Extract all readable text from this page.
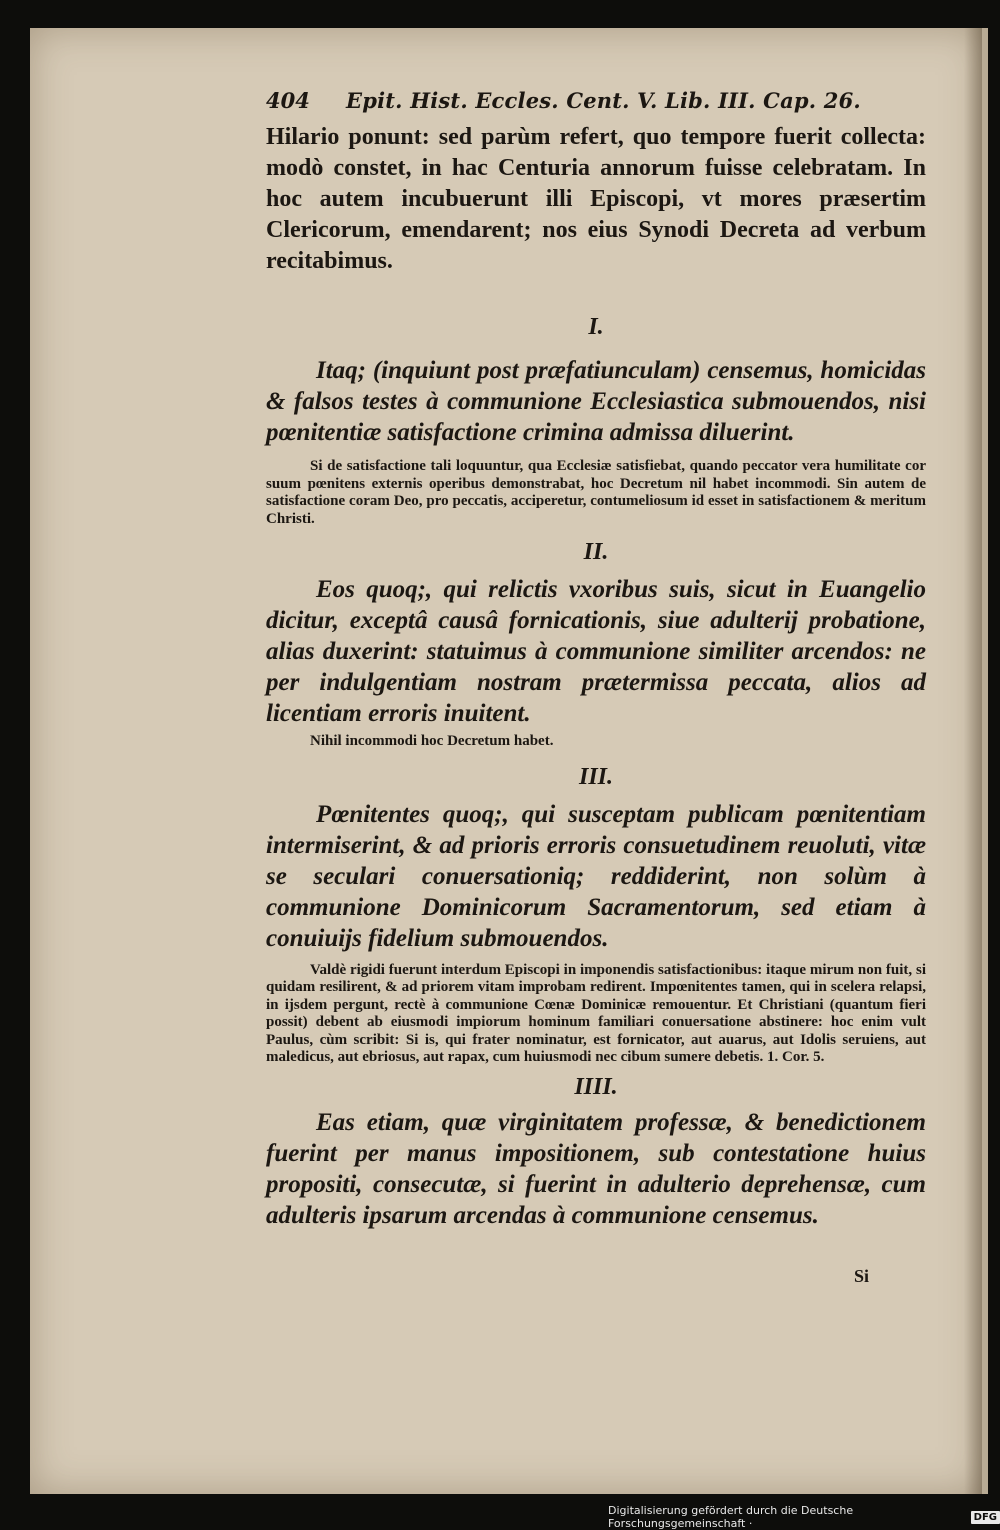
404	Epit. Hist. Eccles. Cent. V. Lib. III. Cap. 26.

Hilario ponunt: sed parùm refert, quo tempore fuerit collecta: modò constet, in hac Centuria annorum fuisse celebratam. In hoc autem incubuerunt illi Episcopi, vt mores præsertim Clericorum, emendarent; nos eius Synodi Decreta ad verbum recitabimus.

I.

Itaq; (inquiunt post præfatiunculam) censemus, homicidas & falsos testes à communione Ecclesiastica submouendos, nisi pœnitentiæ satisfactione crimina admissa diluerint.

Si de satisfactione tali loquuntur, qua Ecclesiæ satisfiebat, quando peccator vera humilitate cor suum pœnitens externis operibus demonstrabat, hoc Decretum nil habet incommodi. Sin autem de satisfactione coram Deo, pro peccatis, acciperetur, contumeliosum id esset in satisfactionem & meritum Christi.

II.

Eos quoq;, qui relictis vxoribus suis, sicut in Euangelio dicitur, exceptâ causâ fornicationis, siue adulterij probatione, alias duxerint: statuimus à communione similiter arcendos: ne per indulgentiam nostram prætermissa peccata, alios ad licentiam erroris inuitent.

Nihil incommodi hoc Decretum habet.

III.

Pœnitentes quoq;, qui susceptam publicam pœnitentiam intermiserint, & ad prioris erroris consuetudinem reuoluti, vitæ se seculari conuersationiq; reddiderint, non solùm à communione Dominicorum Sacramentorum, sed etiam à conuiuijs fidelium submouendos.

Valdè rigidi fuerunt interdum Episcopi in imponendis satisfactionibus: itaque mirum non fuit, si quidam resilirent, & ad priorem vitam improbam redirent. Impœnitentes tamen, qui in scelera relapsi, in ijsdem pergunt, rectè à communione Cœnæ Dominicæ remouentur. Et Christiani (quantum fieri possit) debent ab eiusmodi impiorum hominum familiari conuersatione abstinere: hoc enim vult Paulus, cùm scribit: Si is, qui frater nominatur, est fornicator, aut auarus, aut Idolis seruiens, aut maledicus, aut ebriosus, aut rapax, cum huiusmodi nec cibum sumere debetis. 1. Cor. 5.

IIII.

Eas etiam, quæ virginitatem professæ, & benedictionem fuerint per manus impositionem, sub contestatione huius propositi, consecutæ, si fuerint in adulterio deprehensæ, cum adulteris ipsarum arcendas à communione censemus.

Si
Digitalisierung gefördert durch die Deutsche Forschungsgemeinschaft ·	DFG
